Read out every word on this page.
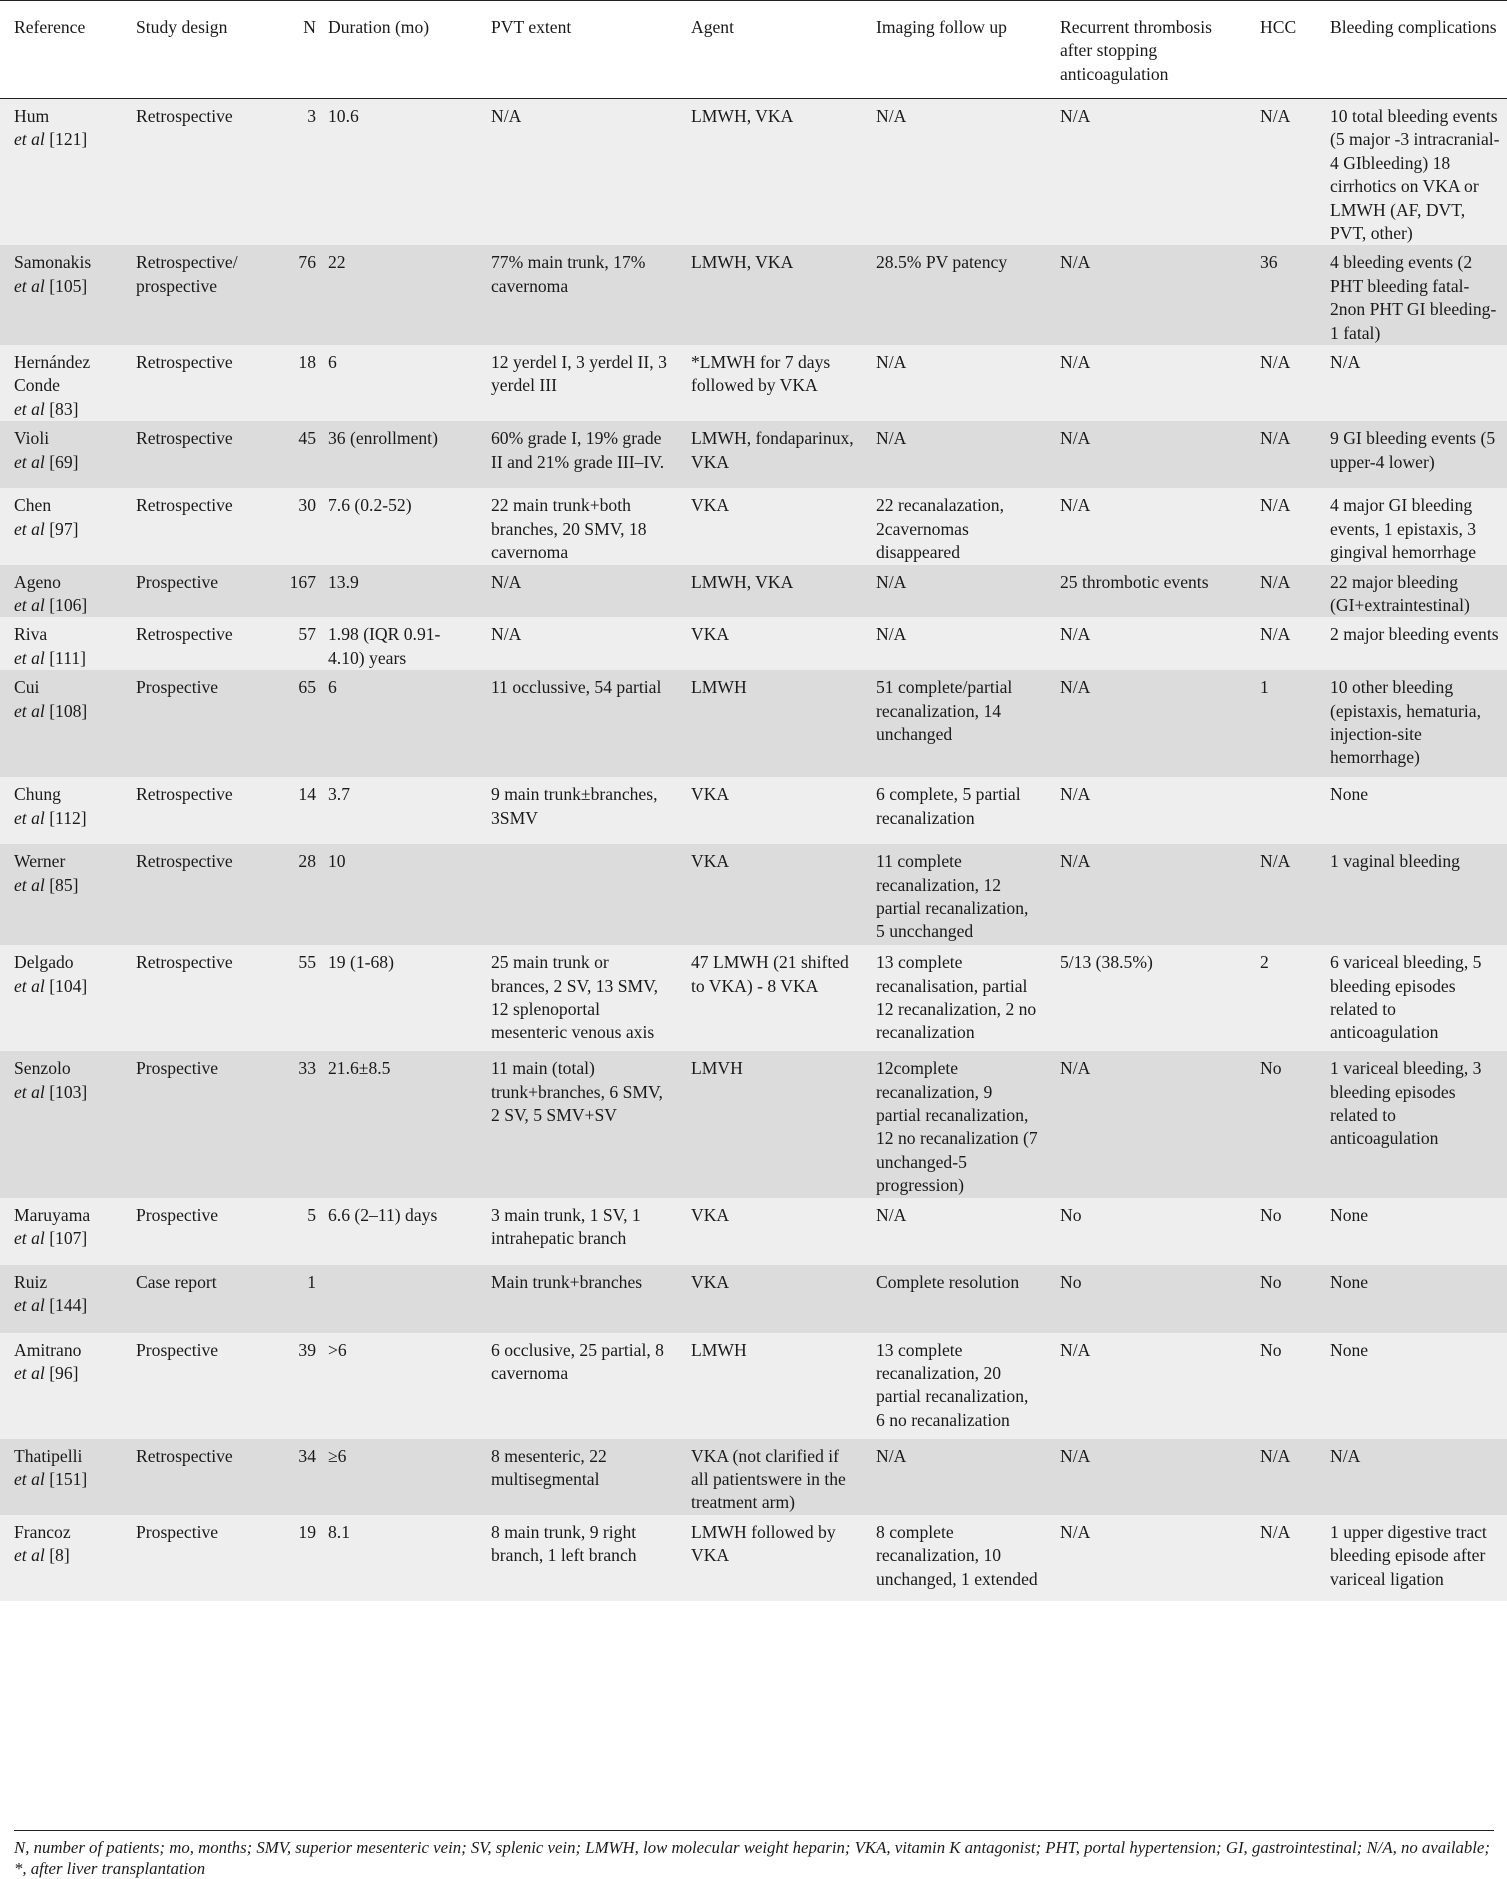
Reference	Study design	N	Duration (mo)	PVT extent	Agent	Imaging follow up	Recurrent thrombosis after stopping anticoagulation	HCC	Bleeding complications
Hum
et al [121]	Retrospective	3	10.6	N/A	LMWH, VKA	N/A	N/A	N/A	10 total bleeding events (5 major -3 intracranial-4 GIbleeding) 18 cirrhotics on VKA or LMWH (AF, DVT, PVT, other)
Samonakis
et al [105]	Retrospective/ prospective	76	22	77% main trunk, 17% cavernoma	LMWH, VKA	28.5% PV patency	N/A	36	4 bleeding events (2 PHT bleeding fatal- 2non PHT GI bleeding- 1 fatal)
Hernández Conde
et al [83]	Retrospective	18	6	12 yerdel I, 3 yerdel II, 3 yerdel III	*LMWH for 7 days followed by VKA	N/A	N/A	N/A	N/A
Violi
et al [69]	Retrospective	45	36 (enrollment)	60% grade I, 19% grade II and 21% grade III–IV.	LMWH, fondaparinux, VKA	N/A	N/A	N/A	9 GI bleeding events (5 upper-4 lower)
Chen
et al [97]	Retrospective	30	7.6 (0.2-52)	22 main trunk+both branches, 20 SMV, 18 cavernoma	VKA	22 recanalazation, 2cavernomas disappeared	N/A	N/A	4 major GI bleeding events, 1 epistaxis, 3 gingival hemorrhage
Ageno
et al [106]	Prospective	167	13.9	N/A	LMWH, VKA	N/A	25 thrombotic events	N/A	22 major bleeding (GI+extraintestinal)
Riva
et al [111]	Retrospective	57	1.98 (IQR 0.91-4.10) years	N/A	VKA	N/A	N/A	N/A	2 major bleeding events
Cui
et al [108]	Prospective	65	6	11 occlussive, 54 partial	LMWH	51 complete/partial recanalization, 14 unchanged	N/A	1	10 other bleeding (epistaxis, hematuria, injection-site hemorrhage)
Chung
et al [112]	Retrospective	14	3.7	9 main trunk±branches, 3SMV	VKA	6 complete, 5 partial recanalization	N/A		None
Werner
et al [85]	Retrospective	28	10		VKA	11 complete recanalization, 12 partial recanalization, 5 uncchanged	N/A	N/A	1 vaginal bleeding
Delgado
et al [104]	Retrospective	55	19 (1-68)	25 main trunk or brances, 2 SV, 13 SMV, 12 splenoportal mesenteric venous axis	47 LMWH (21 shifted to VKA) - 8 VKA	13 complete recanalisation, partial 12 recanalization, 2 no recanalization	5/13 (38.5%)	2	6 variceal bleeding, 5 bleeding episodes related to anticoagulation
Senzolo
et al [103]	Prospective	33	21.6±8.5	11 main (total) trunk+branches, 6 SMV, 2 SV, 5 SMV+SV	LMVH	12complete recanalization, 9 partial recanalization, 12 no recanalization (7 unchanged-5 progression)	N/A	No	1 variceal bleeding, 3 bleeding episodes related to anticoagulation
Maruyama
et al [107]	Prospective	5	6.6 (2–11) days	3 main trunk, 1 SV, 1 intrahepatic branch	VKA	N/A	No	No	None
Ruiz
et al [144]	Case report	1		Main trunk+branches	VKA	Complete resolution	No	No	None
Amitrano
et al [96]	Prospective	39	>6	6 occlusive, 25 partial, 8 cavernoma	LMWH	13 complete recanalization, 20 partial recanalization, 6 no recanalization	N/A	No	None
Thatipelli
et al [151]	Retrospective	34	≥6	8 mesenteric, 22 multisegmental	VKA (not clarified if all patientswere in the treatment arm)	N/A	N/A	N/A	N/A
Francoz
et al [8]	Prospective	19	8.1	8 main trunk, 9 right branch, 1 left branch	LMWH followed by VKA	8 complete recanalization, 10 unchanged, 1 extended	N/A	N/A	1 upper digestive tract bleeding episode after variceal ligation
N, number of patients; mo, months; SMV, superior mesenteric vein; SV, splenic vein; LMWH, low molecular weight heparin; VKA, vitamin K antagonist; PHT, portal hypertension; GI, gastrointestinal; N/A, no available; *, after liver transplantation
